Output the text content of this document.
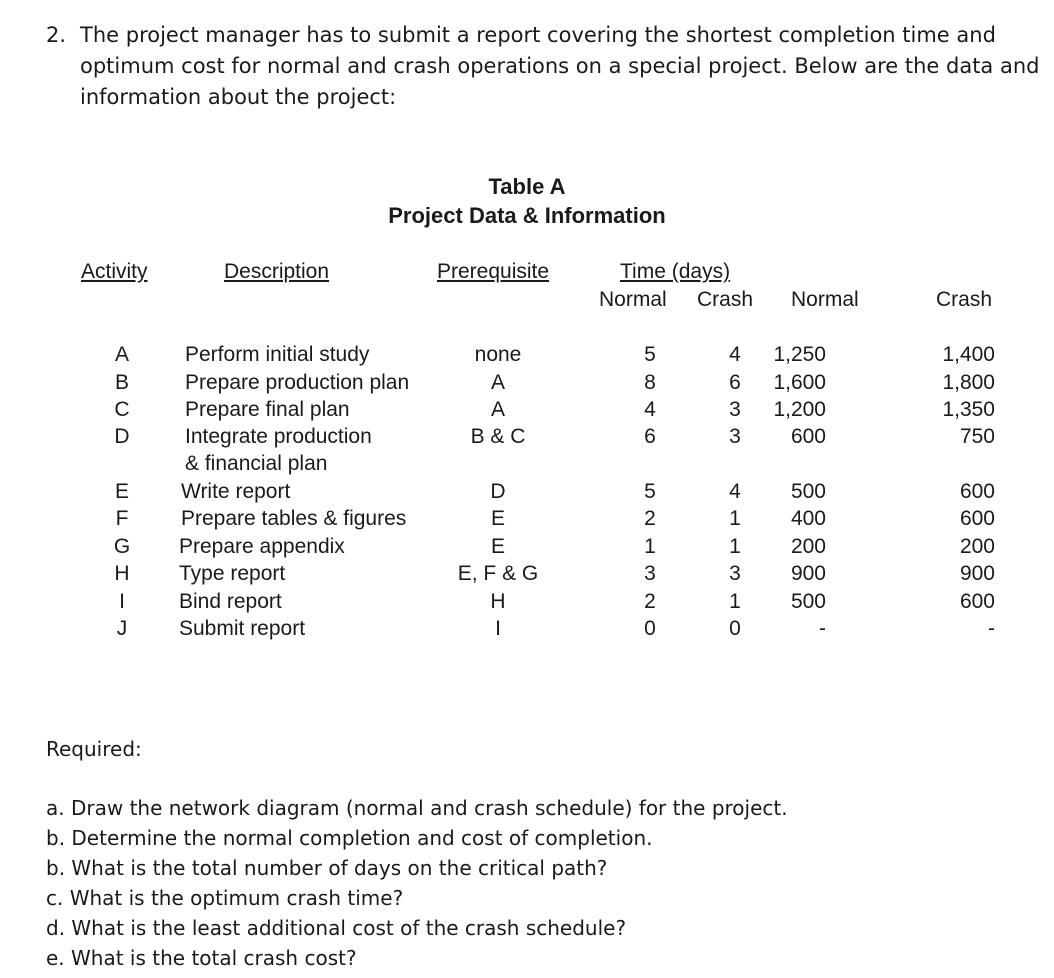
2. The project manager has to submit a report covering the shortest completion time and optimum cost for normal and crash operations on a special project. Below are the data and information about the project:
Table A
Project Data & Information
Activity	Description	Prerequisite	Time (days)
Normal Crash Normal	Crash
A	Perform initial study	none	5	4	1,250	1,400
B	Prepare production plan	A	8	6	1,600	1,800
C	Prepare final plan	A	4	3	1,200	1,350
D	Integrate production
& financial plan
B & C	6	3	600	750
E Write report	D	5	4	500	600
F	Prepare tables & figures	E	2	1	400	600
G Prepare appendix	E	1	1	200	200
H Type report	E, F & G	3	3	900	900
I	Bind report	H	2	1	500	600
J	Submit report	I	0	0	-	-
Required:
a. Draw the network diagram (normal and crash schedule) for the project.
b. Determine the normal completion and cost of completion.
b. What is the total number of days on the critical path?
c. What is the optimum crash time?
d. What is the least additional cost of the crash schedule?
e. What is the total crash cost?
